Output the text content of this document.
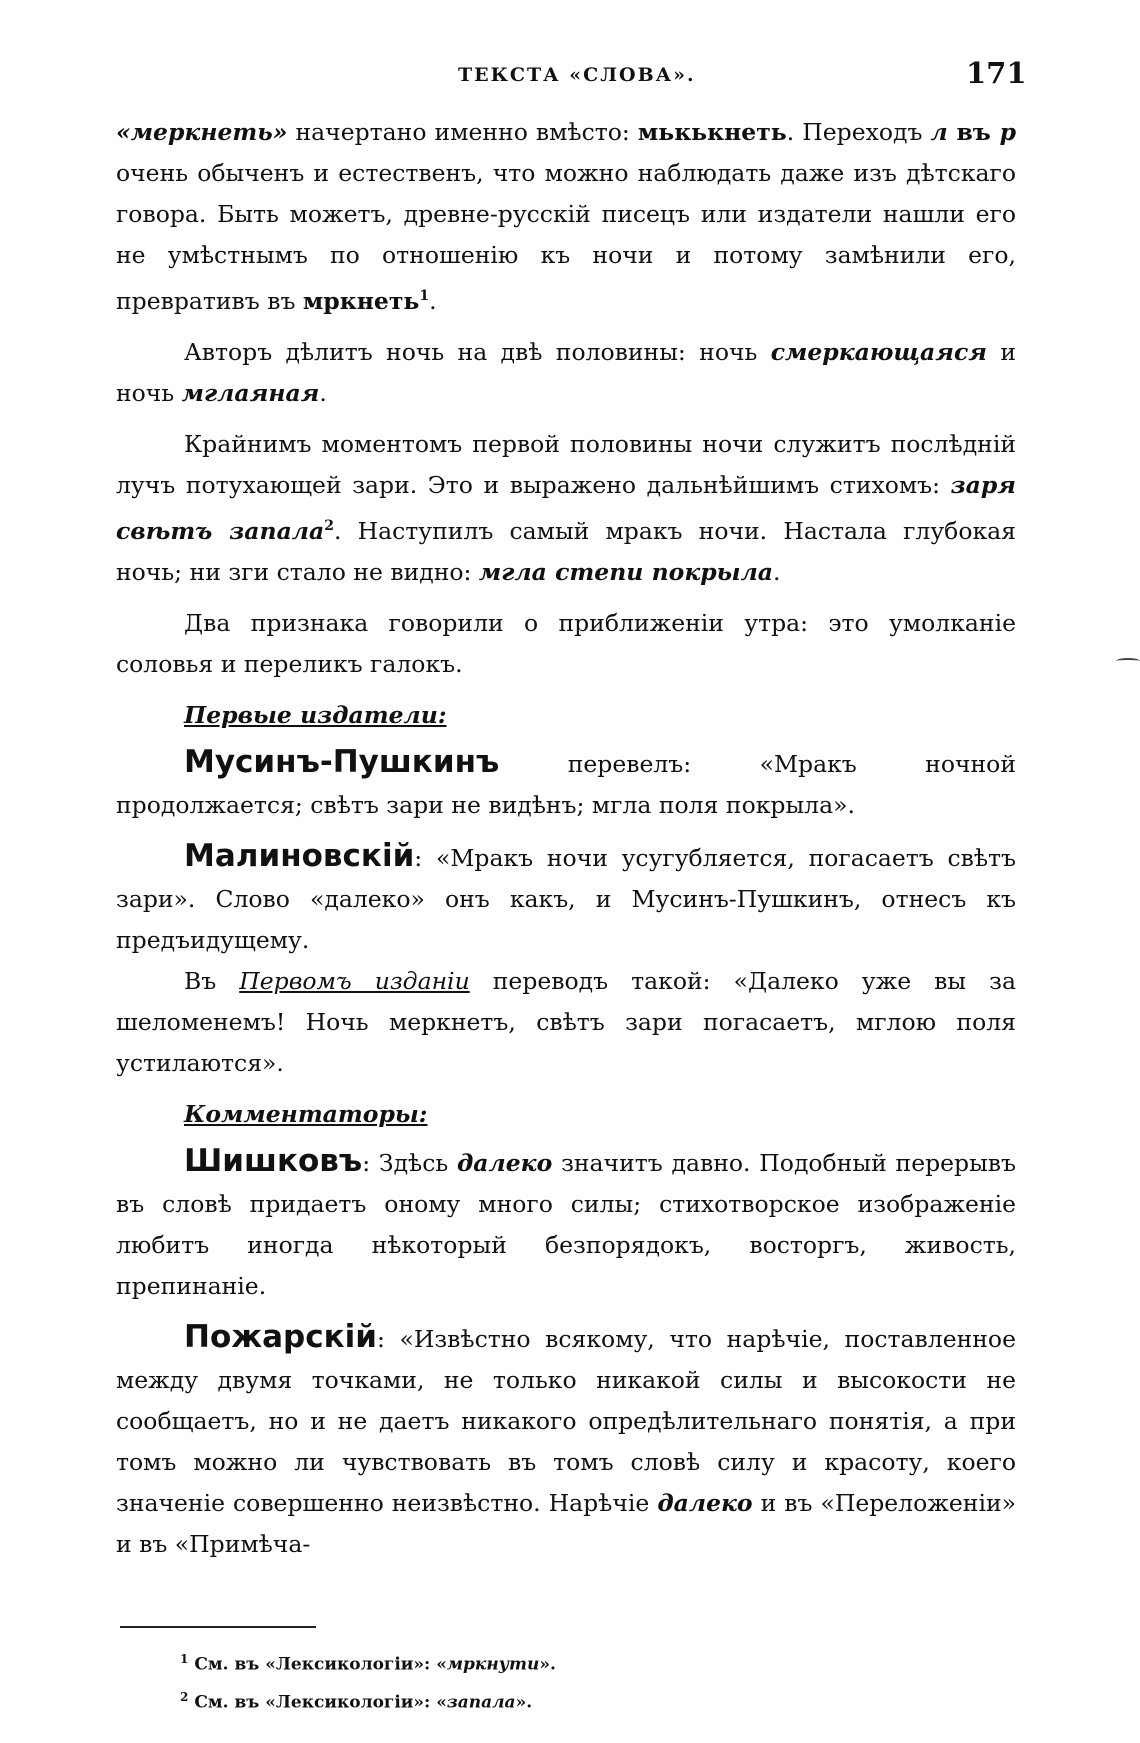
ТЕКСТА «СЛОВА».	171

«меркнеть» начертано именно вмѣсто: мькькнеть. Переходъ л въ р очень обыченъ и естественъ, что можно наблюдать даже изъ дѣтскаго говора. Быть можетъ, древне-русскій писецъ или издатели нашли его не умѣстнымъ по отношенію къ ночи и потому замѣнили его, превративъ въ мркнеть$^1$.

Авторъ дѣлитъ ночь на двѣ половины: ночь смеркающаяся и ночь мглаяная.

Крайнимъ моментомъ первой половины ночи служитъ послѣдній лучъ потухающей зари. Это и выражено дальнѣйшимъ стихомъ: заря свѣтъ запала$^2$. Наступилъ самый мракъ ночи. Настала глубокая ночь; ни зги стало не видно: мгла степи покрыла.

Два признака говорили о приближеніи утра: это умолканіе соловья и переликъ галокъ.

Первые издатели:

Мусинъ-Пушкинъ перевелъ: «Мракъ ночной продолжается; свѣтъ зари не видѣнъ; мгла поля покрыла».

Малиновскій: «Мракъ ночи усугубляется, погасаетъ свѣтъ зари». Слово «далеко» онъ какъ, и Мусинъ-Пушкинъ, отнесъ къ предъидущему.

Въ Первомъ изданіи переводъ такой: «Далеко уже вы за шеломенемъ! Ночь меркнетъ, свѣтъ зари погасаетъ, мглою поля устилаются».

Комментаторы:

Шишковъ: Здѣсь далеко значитъ давно. Подобный перерывъ въ словѣ придаетъ оному много силы; стихотворское изображеніе любитъ иногда нѣкоторый безпорядокъ, восторгъ, живость, препинаніе.

Пожарскій: «Извѣстно всякому, что нарѣчіе, поставленное между двумя точками, не только никакой силы и высокости не сообщаетъ, но и не даетъ никакого опредѣлительнаго понятія, а при томъ можно ли чувствовать въ томъ словѣ силу и красоту, коего значеніе совершенно неизвѣстно. Нарѣчіе далеко и въ «Переложеніи» и въ «Примѣча-

$^1$ См. въ «Лексикологіи»: «мркнути».
$^2$ См. въ «Лексикологіи»: «запала».
